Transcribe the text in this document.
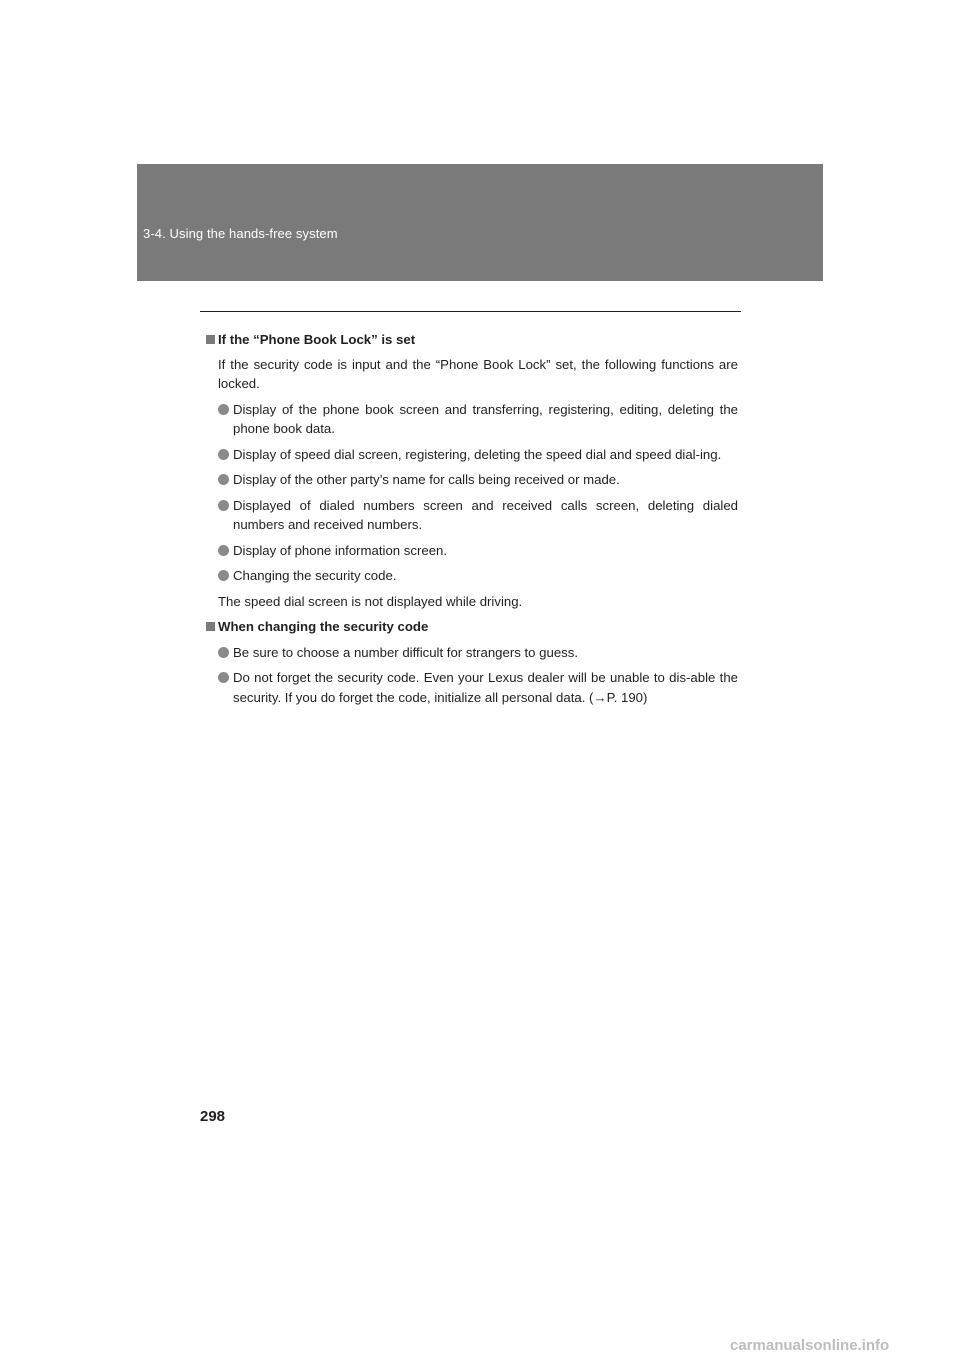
3-4. Using the hands-free system

If the “Phone Book Lock” is set

If the security code is input and the “Phone Book Lock” set, the following functions are locked.

Display of the phone book screen and transferring, registering, editing, deleting the phone book data.
Display of speed dial screen, registering, deleting the speed dial and speed dial-ing.
Display of the other party’s name for calls being received or made.
Displayed of dialed numbers screen and received calls screen, deleting dialed numbers and received numbers.
Display of phone information screen.
Changing the security code.

The speed dial screen is not displayed while driving.

When changing the security code

Be sure to choose a number difficult for strangers to guess.
Do not forget the security code. Even your Lexus dealer will be unable to dis-able the security. If you do forget the code, initialize all personal data. (→P. 190)
298
carmanualsonline.info
